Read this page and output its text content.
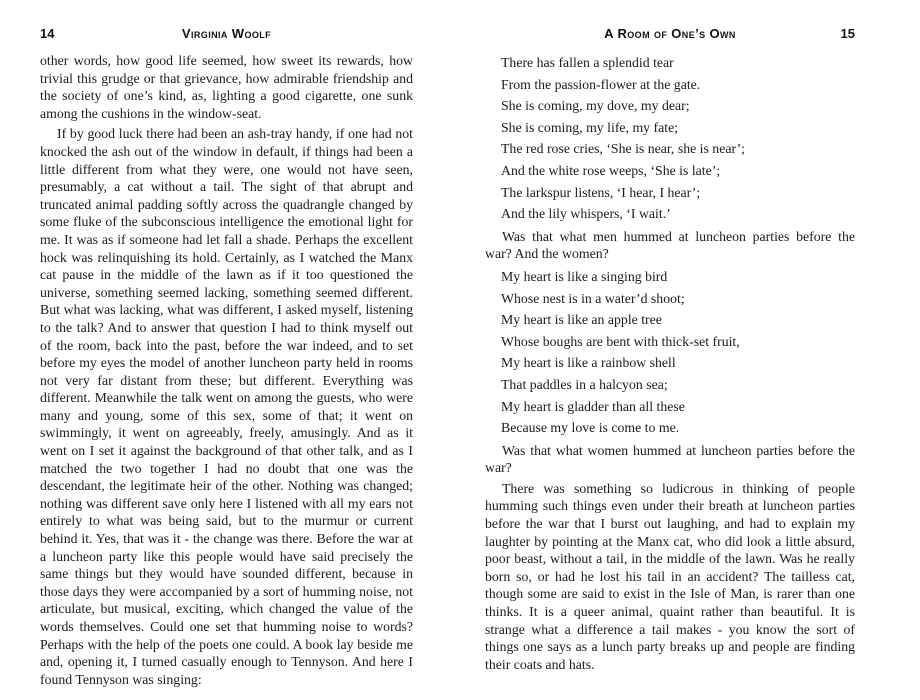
14	Virginia Woolf

other words, how good life seemed, how sweet its rewards, how trivial this grudge or that grievance, how admirable friendship and the society of one’s kind, as, lighting a good cigarette, one sunk among the cushions in the window-seat.

If by good luck there had been an ash-tray handy, if one had not knocked the ash out of the window in default, if things had been a little different from what they were, one would not have seen, presumably, a cat without a tail. The sight of that abrupt and truncated animal padding softly across the quadrangle changed by some fluke of the subconscious intelligence the emotional light for me. It was as if someone had let fall a shade. Perhaps the excellent hock was relinquishing its hold. Certainly, as I watched the Manx cat pause in the middle of the lawn as if it too questioned the universe, something seemed lacking, something seemed different. But what was lacking, what was different, I asked myself, listening to the talk? And to answer that question I had to think myself out of the room, back into the past, before the war indeed, and to set before my eyes the model of another luncheon party held in rooms not very far distant from these; but different. Everything was different. Meanwhile the talk went on among the guests, who were many and young, some of this sex, some of that; it went on swimmingly, it went on agreeably, freely, amusingly. And as it went on I set it against the background of that other talk, and as I matched the two together I had no doubt that one was the descendant, the legitimate heir of the other. Nothing was changed; nothing was different save only here I listened with all my ears not entirely to what was being said, but to the murmur or current behind it. Yes, that was it - the change was there. Before the war at a luncheon party like this people would have said precisely the same things but they would have sounded different, because in those days they were accompanied by a sort of humming noise, not articulate, but musical, exciting, which changed the value of the words themselves. Could one set that humming noise to words? Perhaps with the help of the poets one could. A book lay beside me and, opening it, I turned casually enough to Tennyson. And here I found Tennyson was singing:

A Room of One’s Own	15
There has fallen a splendid tear
From the passion-flower at the gate.
She is coming, my dove, my dear;
She is coming, my life, my fate;
The red rose cries, ‘She is near, she is near’;
And the white rose weeps, ‘She is late’;
The larkspur listens, ‘I hear, I hear’;
And the lily whispers, ‘I wait.’

Was that what men hummed at luncheon parties before the war? And the women?

My heart is like a singing bird
Whose nest is in a water’d shoot;
My heart is like an apple tree
Whose boughs are bent with thick-set fruit,
My heart is like a rainbow shell
That paddles in a halcyon sea;
My heart is gladder than all these
Because my love is come to me.

Was that what women hummed at luncheon parties before the war?

There was something so ludicrous in thinking of people humming such things even under their breath at luncheon parties before the war that I burst out laughing, and had to explain my laughter by pointing at the Manx cat, who did look a little absurd, poor beast, without a tail, in the middle of the lawn. Was he really born so, or had he lost his tail in an accident? The tailless cat, though some are said to exist in the Isle of Man, is rarer than one thinks. It is a queer animal, quaint rather than beautiful. It is strange what a difference a tail makes - you know the sort of things one says as a lunch party breaks up and people are finding their coats and hats.
